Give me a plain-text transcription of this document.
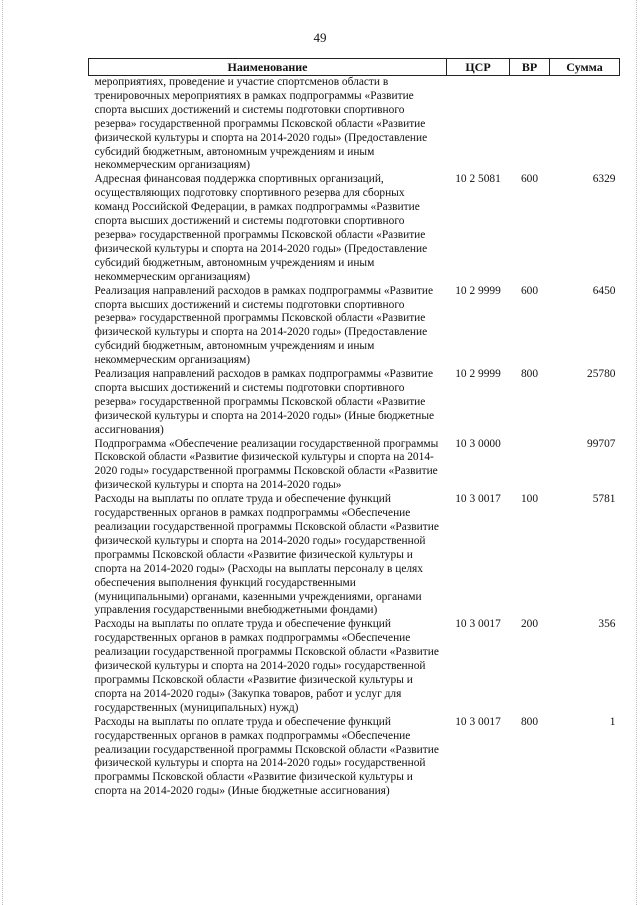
49
Наименование	ЦСР	ВР	Сумма
мероприятиях, проведение и участие спортсменов области в тренировочных мероприятиях в рамках подпрограммы «Развитие спорта высших достижений и системы подготовки спортивного резерва» государственной программы Псковской области «Развитие физической культуры и спорта на 2014-2020 годы» (Предоставление субсидий бюджетным, автономным учреждениям и иным некоммерческим организациям)			
Адресная финансовая поддержка спортивных организаций, осуществляющих подготовку спортивного резерва для сборных команд Российской Федерации, в рамках подпрограммы «Развитие спорта высших достижений и системы подготовки спортивного резерва» государственной программы Псковской области «Развитие физической культуры и спорта на 2014-2020 годы» (Предоставление субсидий бюджетным, автономным учреждениям и иным некоммерческим организациям)	10 2 5081	600	6329
Реализация направлений расходов в рамках подпрограммы «Развитие спорта высших достижений и системы подготовки спортивного резерва» государственной программы Псковской области «Развитие физической культуры и спорта на 2014-2020 годы» (Предоставление субсидий бюджетным, автономным учреждениям и иным некоммерческим организациям)	10 2 9999	600	6450
Реализация направлений расходов в рамках подпрограммы «Развитие спорта высших достижений и системы подготовки спортивного резерва» государственной программы Псковской области «Развитие физической культуры и спорта на 2014-2020 годы» (Иные бюджетные ассигнования)	10 2 9999	800	25780
Подпрограмма «Обеспечение реализации государственной программы Псковской области «Развитие физической культуры и спорта на 2014-2020 годы» государственной программы Псковской области «Развитие физической культуры и спорта на 2014-2020 годы»	10 3 0000		99707
Расходы на выплаты по оплате труда и обеспечение функций государственных органов в рамках подпрограммы «Обеспечение реализации государственной программы Псковской области «Развитие физической культуры и спорта на 2014-2020 годы» государственной программы Псковской области «Развитие физической культуры и спорта на 2014-2020 годы» (Расходы на выплаты персоналу в целях обеспечения выполнения функций государственными (муниципальными) органами, казенными учреждениями, органами управления государственными внебюджетными фондами)	10 3 0017	100	5781
Расходы на выплаты по оплате труда и обеспечение функций государственных органов в рамках подпрограммы «Обеспечение реализации государственной программы Псковской области «Развитие физической культуры и спорта на 2014-2020 годы» государственной программы Псковской области «Развитие физической культуры и спорта на 2014-2020 годы» (Закупка товаров, работ и услуг для государственных (муниципальных) нужд)	10 3 0017	200	356
Расходы на выплаты по оплате труда и обеспечение функций государственных органов в рамках подпрограммы «Обеспечение реализации государственной программы Псковской области «Развитие физической культуры и спорта на 2014-2020 годы» государственной программы Псковской области «Развитие физической культуры и спорта на 2014-2020 годы» (Иные бюджетные ассигнования)	10 3 0017	800	1
